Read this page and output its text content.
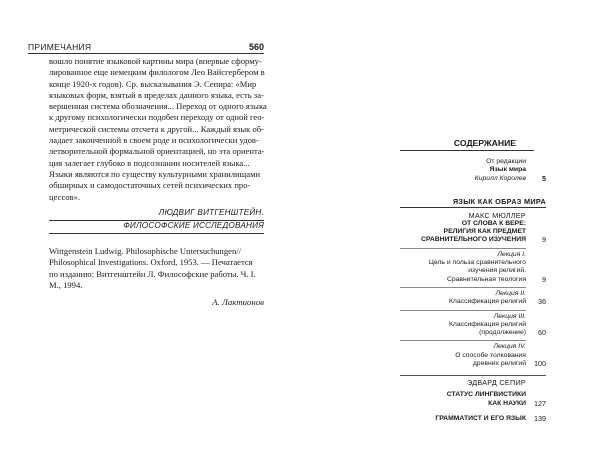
ПРИМЕЧАНИЯ	560
вошло понятие языковой картины мира (впервые сформу-
лированное еще немецким филологом Лео Вайсгербером в
конце 1920-х годов). Ср. высказывания Э. Сепира: «Мир
языковых форм, взятый в пределах данного языка, есть за-
вершенная система обозначения... Переход от одного языка
к другому психологически подобен переходу от одной гео-
метрической системы отсчета к другой... Каждый язык об-
ладает законченной в своем роде и психологически удов-
летворительной формальной ориентацией, но эта ориента-
ция залегает глубоко в подсознании носителей языка...
Языки являются по существу культурными хранилищами
обширных и самодостаточных сетей психических про-
цессов».
ЛЮДВИГ ВИТГЕНШТЕЙН.
ФИЛОСОФСКИЕ ИССЛЕДОВАНИЯ
Wittgenstein Ludwig. Philosophische Untersuchungen//
Philosophical Investigations. Oxford, 1953. — Печатается
по изданию: Витгенштейн Л. Философские работы. Ч. I.
М., 1994.
А. Лактионов
СОДЕРЖАНИЕ
От редакции
Язык мира
Кирилл Королев	5
ЯЗЫК КАК ОБРАЗ МИРА
МАКС МЮЛЛЕР
ОТ СЛОВА К ВЕРЕ:
РЕЛИГИЯ КАК ПРЕДМЕТ
СРАВНИТЕЛЬНОГО ИЗУЧЕНИЯ	9
Лекция I.
Цель и польза сравнительного
изучения религий.
Сравнительная теология	9
Лекция II.
Классификация религий	36
Лекция III.
Классификация религий
(продолжение)	60
Лекция IV.
О способе толкования
древних религий	100
ЭДВАРД СЕПИР
СТАТУС ЛИНГВИСТИКИ
КАК НАУКИ	127
ГРАММАТИСТ И ЕГО ЯЗЫК	139
